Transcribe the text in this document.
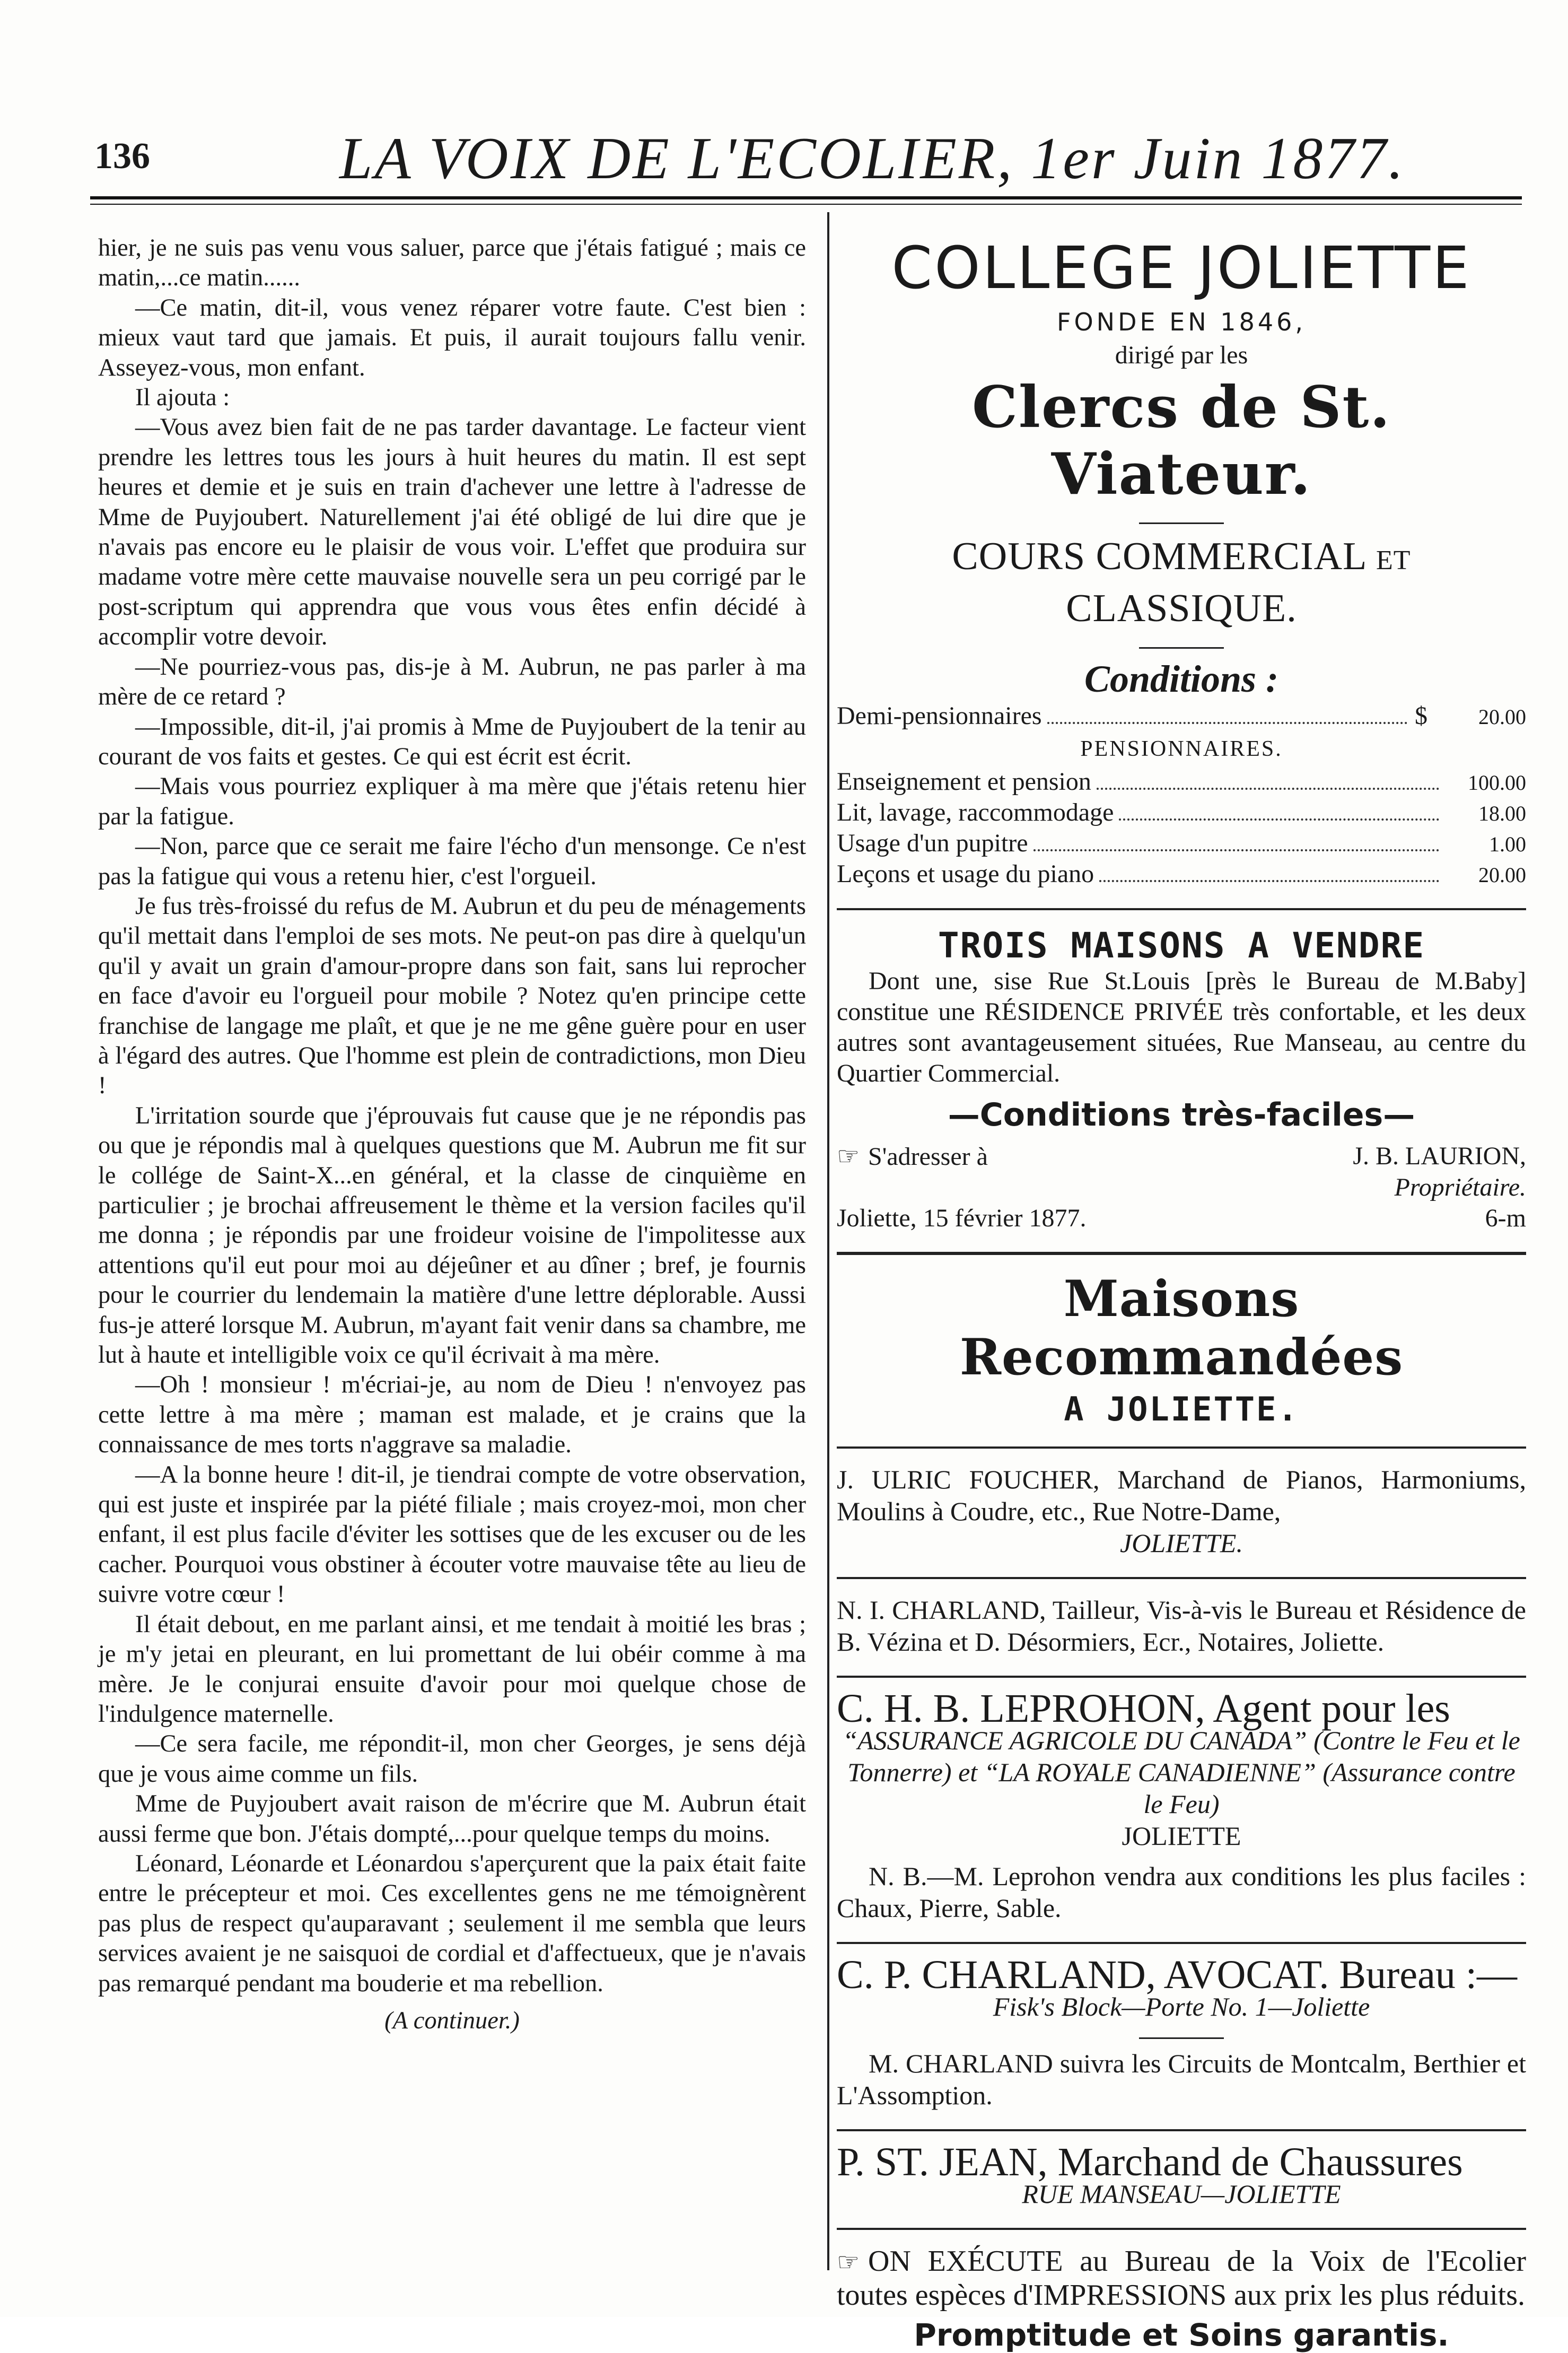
136	LA VOIX DE L'ECOLIER, 1er Juin 1877.

hier, je ne suis pas venu vous saluer, parce que j'étais fatigué ; mais ce matin,...ce matin......

—Ce matin, dit-il, vous venez réparer votre faute. C'est bien : mieux vaut tard que jamais. Et puis, il aurait toujours fallu venir. Asseyez-vous, mon enfant.

Il ajouta :

—Vous avez bien fait de ne pas tarder davantage. Le facteur vient prendre les lettres tous les jours à huit heures du matin. Il est sept heures et demie et je suis en train d'achever une lettre à l'adresse de Mme de Puyjoubert. Naturellement j'ai été obligé de lui dire que je n'avais pas encore eu le plaisir de vous voir. L'effet que produira sur madame votre mère cette mauvaise nouvelle sera un peu corrigé par le post-scriptum qui apprendra que vous vous êtes enfin décidé à accomplir votre devoir.

—Ne pourriez-vous pas, dis-je à M. Aubrun, ne pas parler à ma mère de ce retard ?

—Impossible, dit-il, j'ai promis à Mme de Puyjoubert de la tenir au courant de vos faits et gestes. Ce qui est écrit est écrit.

—Mais vous pourriez expliquer à ma mère que j'étais retenu hier par la fatigue.

—Non, parce que ce serait me faire l'écho d'un mensonge. Ce n'est pas la fatigue qui vous a retenu hier, c'est l'orgueil.

Je fus très-froissé du refus de M. Aubrun et du peu de ménagements qu'il mettait dans l'emploi de ses mots. Ne peut-on pas dire à quelqu'un qu'il y avait un grain d'amour-propre dans son fait, sans lui reprocher en face d'avoir eu l'orgueil pour mobile ? Notez qu'en principe cette franchise de langage me plaît, et que je ne me gêne guère pour en user à l'égard des autres. Que l'homme est plein de contradictions, mon Dieu !

L'irritation sourde que j'éprouvais fut cause que je ne répondis pas ou que je répondis mal à quelques questions que M. Aubrun me fit sur le collége de Saint-X...en général, et la classe de cinquième en particulier ; je brochai affreusement le thème et la version faciles qu'il me donna ; je répondis par une froideur voisine de l'impolitesse aux attentions qu'il eut pour moi au déjeûner et au dîner ; bref, je fournis pour le courrier du lendemain la matière d'une lettre déplorable. Aussi fus-je atteré lorsque M. Aubrun, m'ayant fait venir dans sa chambre, me lut à haute et intelligible voix ce qu'il écrivait à ma mère.

—Oh ! monsieur ! m'écriai-je, au nom de Dieu ! n'envoyez pas cette lettre à ma mère ; maman est malade, et je crains que la connaissance de mes torts n'aggrave sa maladie.

—A la bonne heure ! dit-il, je tiendrai compte de votre observation, qui est juste et inspirée par la piété filiale ; mais croyez-moi, mon cher enfant, il est plus facile d'éviter les sottises que de les excuser ou de les cacher. Pourquoi vous obstiner à écouter votre mauvaise tête au lieu de suivre votre cœur !

Il était debout, en me parlant ainsi, et me tendait à moitié les bras ; je m'y jetai en pleurant, en lui promettant de lui obéir comme à ma mère. Je le conjurai ensuite d'avoir pour moi quelque chose de l'indulgence maternelle.

—Ce sera facile, me répondit-il, mon cher Georges, je sens déjà que je vous aime comme un fils.

Mme de Puyjoubert avait raison de m'écrire que M. Aubrun était aussi ferme que bon. J'étais dompté,...pour quelque temps du moins.

Léonard, Léonarde et Léonardou s'aperçurent que la paix était faite entre le précepteur et moi. Ces excellentes gens ne me témoignèrent pas plus de respect qu'auparavant ; seulement il me sembla que leurs services avaient je ne saisquoi de cordial et d'affectueux, que je n'avais pas remarqué pendant ma bouderie et ma rebellion.

(A continuer.)

COLLEGE JOLIETTE
FONDE EN 1846,
dirigé par les
Clercs de St. Viateur.
COURS COMMERCIAL ET CLASSIQUE.
Conditions :
Demi-pensionnaires	$	20.00
PENSIONNAIRES.
Enseignement et pension	100.00
Lit, lavage, raccommodage	18.00
Usage d'un pupitre	1.00
Leçons et usage du piano	20.00
TROIS MAISONS A VENDRE
Dont une, sise Rue St.Louis [près le Bureau de M.Baby] constitue une RÉSIDENCE PRIVÉE très confortable, et les deux autres sont avantageusement situées, Rue Manseau, au centre du Quartier Commercial.
—Conditions très-faciles—
☞ S'adresser à	J. B. LAURION,
Propriétaire.
Joliette, 15 février 1877.	6-m
Maisons Recommandées
A JOLIETTE.
J. ULRIC FOUCHER, Marchand de Pianos, Harmoniums, Moulins à Coudre, etc., Rue Notre-Dame,
JOLIETTE.
N. I. CHARLAND, Tailleur, Vis-à-vis le Bureau et Résidence de B. Vézina et D. Désormiers, Ecr., Notaires, Joliette.
C. H. B. LEPROHON, Agent pour les
“ASSURANCE AGRICOLE DU CANADA” (Contre le Feu et le Tonnerre) et “LA ROYALE CANADIENNE” (Assurance contre le Feu)
JOLIETTE
N. B.—M. Leprohon vendra aux conditions les plus faciles : Chaux, Pierre, Sable.
C. P. CHARLAND, AVOCAT. Bureau :—
Fisk's Block—Porte No. 1—Joliette
M. CHARLAND suivra les Circuits de Montcalm, Berthier et L'Assomption.
P. ST. JEAN, Marchand de Chaussures
RUE MANSEAU—JOLIETTE
☞ ON EXÉCUTE au Bureau de la Voix de l'Ecolier toutes espèces d'IMPRESSIONS aux prix les plus réduits.
Promptitude et Soins garantis.
